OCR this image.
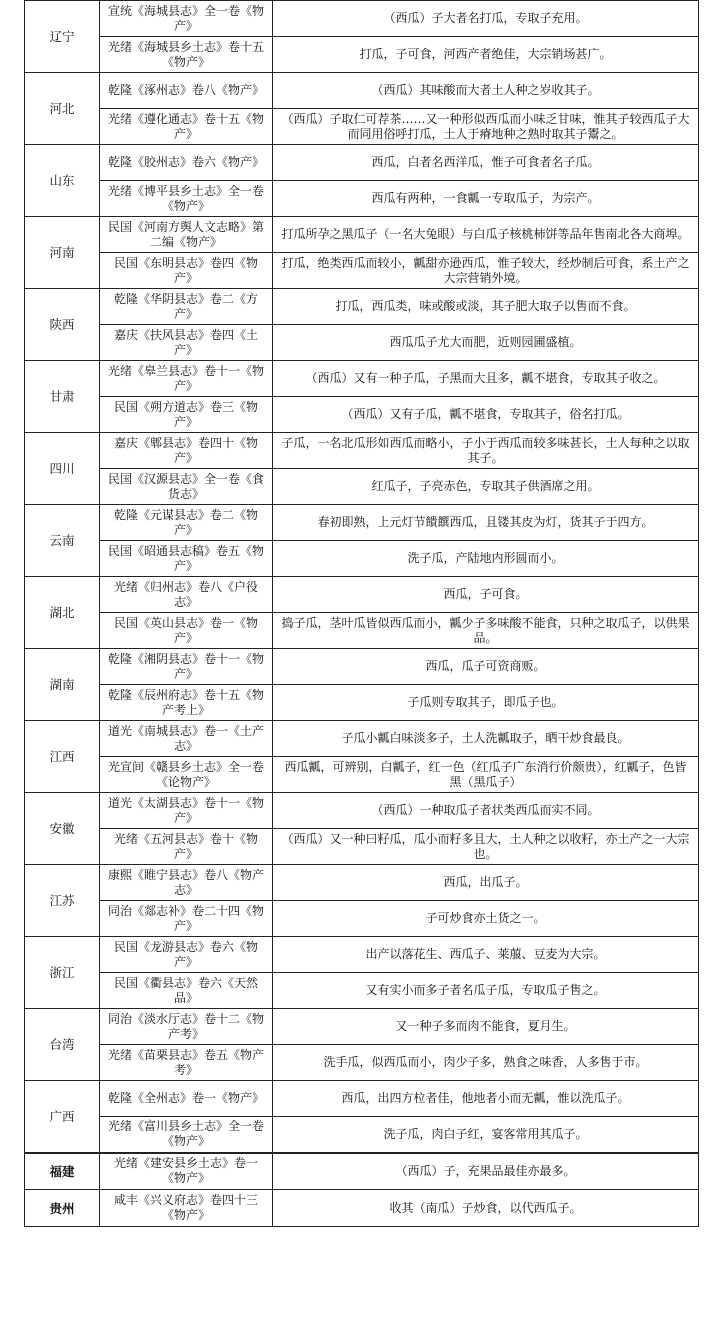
辽宁	宣统《海城县志》全一卷《物产》	（西瓜）子大者名打瓜，专取子充用。
	光绪《海城县乡土志》卷十五《物产》	打瓜，子可食，河西产者绝佳，大宗销场甚广。
河北	乾隆《涿州志》卷八《物产》	（西瓜）其味酸而大者土人种之岁收其子。
	光绪《遵化通志》卷十五《物产》	（西瓜）子取仁可荐茶……又一种形似西瓜而小味乏甘味，惟其子较西瓜子大而同用俗呼打瓜，土人于瘠地种之熟时取其子鬻之。
山东	乾隆《胶州志》卷六《物产》	西瓜，白者名西洋瓜，惟子可食者名子瓜。
	光绪《博平县乡土志》全一卷《物产》	西瓜有两种，一食瓤一专取瓜子，为宗产。
河南	民国《河南方舆人文志略》第二编《物产》	打瓜所孕之黑瓜子（一名大兔眼）与白瓜子核桃柿饼等品年售南北各大商埠。
	民国《东明县志》卷四《物产》	打瓜，绝类西瓜而较小，瓤甜亦逊西瓜，惟子较大，经炒制后可食，系土产之大宗营销外境。
陕西	乾隆《华阴县志》卷二《方产》	打瓜，西瓜类，味或酸或淡，其子肥大取子以售而不食。
	嘉庆《扶风县志》卷四《土产》	西瓜瓜子尤大而肥，近则园圃盛植。
甘肃	光绪《皋兰县志》卷十一《物产》	（西瓜）又有一种子瓜，子黑而大且多，瓤不堪食，专取其子收之。
	民国《朔方道志》卷三《物产》	（西瓜）又有子瓜，瓤不堪食，专取其子，俗名打瓜。
四川	嘉庆《郫县志》卷四十《物产》	子瓜，一名北瓜形如西瓜而略小，子小于西瓜而较多味甚长，土人每种之以取其子。
	民国《汉源县志》全一卷《食货志》	红瓜子，子亮赤色，专取其子供酒席之用。
云南	乾隆《元谋县志》卷二《物产》	春初即熟，上元灯节饋饌西瓜，且镂其皮为灯，货其子于四方。
	民国《昭通县志稿》卷五《物产》	洗子瓜，产陆地内形圆而小。
湖北	光绪《归州志》卷八《户役志》	西瓜，子可食。
	民国《英山县志》卷一《物产》	捣子瓜，茎叶瓜皆似西瓜而小，瓤少子多味酸不能食，只种之取瓜子，以供果品。
湖南	乾隆《湘阴县志》卷十一《物产》	西瓜，瓜子可资商贩。
	乾隆《辰州府志》卷十五《物产考上》	子瓜则专取其子，即瓜子也。
江西	道光《南城县志》卷一《土产志》	子瓜小瓤白味淡多子，土人洗瓤取子，晒干炒食最良。
	光宣间《赣县乡土志》全一卷《论物产》	西瓜瓤，可辨别，白瓤子，红一色（红瓜子广东消行价颇贵），红瓤子，色皆黑（黑瓜子）
安徽	道光《太湖县志》卷十一《物产》	（西瓜）一种取瓜子者状类西瓜而实不同。
	光绪《五河县志》卷十《物产》	（西瓜）又一种曰籽瓜，瓜小而籽多且大，土人种之以收籽，亦土产之一大宗也。
江苏	康熙《睢宁县志》卷八《物产志》	西瓜，出瓜子。
	同治《郯志补》卷二十四《物产》	子可炒食亦土货之一。
浙江	民国《龙游县志》卷六《物产》	出产以落花生、西瓜子、莱菔、豆麦为大宗。
	民国《衢县志》卷六《天然品》	又有实小而多子者名瓜子瓜，专取瓜子售之。
台湾	同治《淡水厅志》卷十二《物产考》	又一种子多而肉不能食，夏月生。
	光绪《苗栗县志》卷五《物产考》	洗手瓜，似西瓜而小，肉少子多，熟食之味香，人多售于市。
广西	乾隆《全州志》卷一《物产》	西瓜，出四方柆者佳，他地者小而无瓤，惟以洗瓜子。
	光绪《富川县乡土志》全一卷《物产》	洗子瓜，肉白子红，宴客常用其瓜子。
福建	光绪《建安县乡土志》卷一《物产》	（西瓜）子，充果品最佳亦最多。
贵州	咸丰《兴义府志》卷四十三《物产》	收其（南瓜）子炒食，以代西瓜子。
